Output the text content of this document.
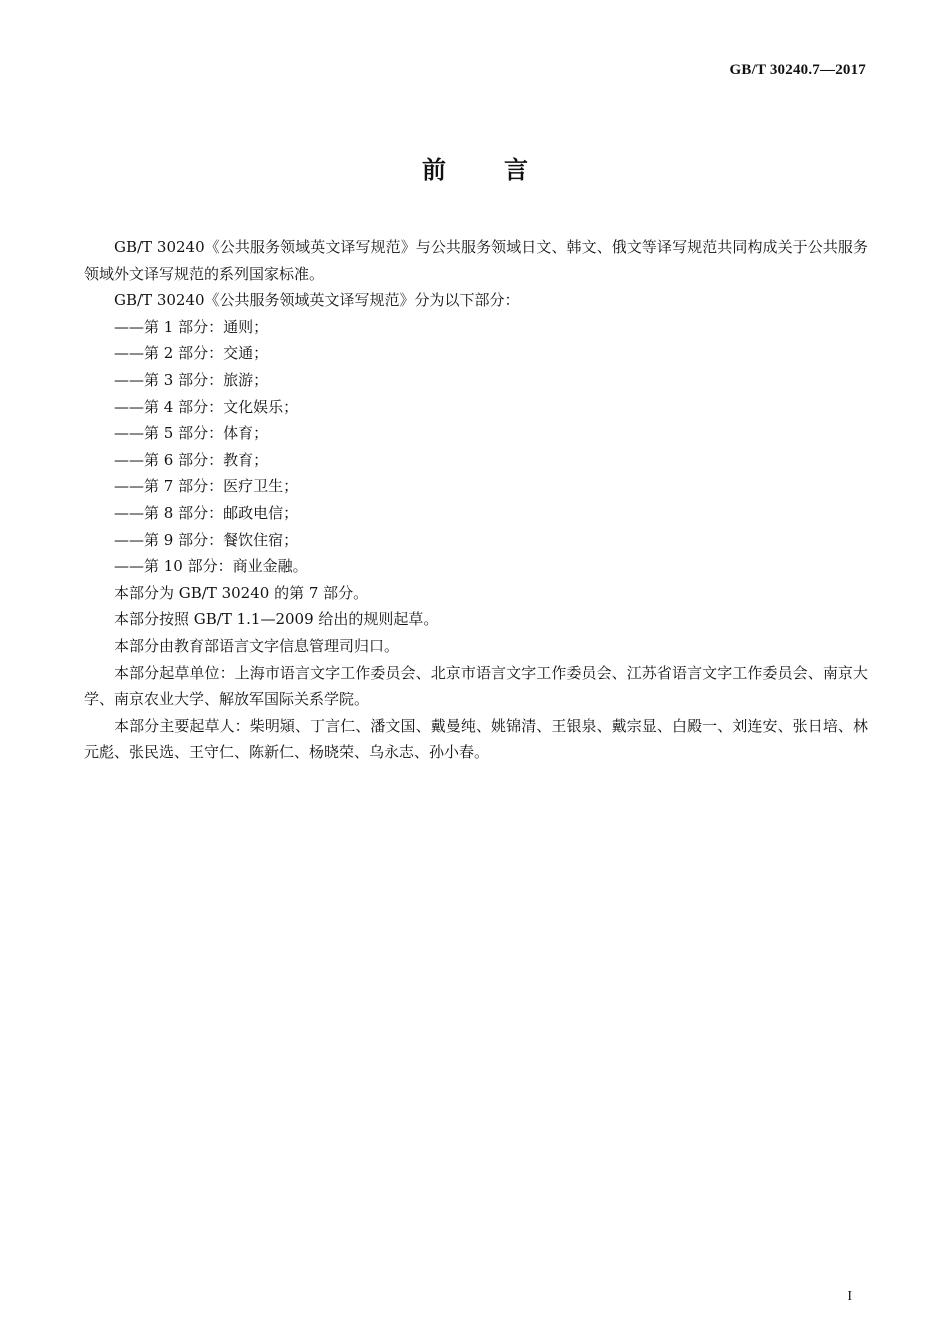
GB/T 30240.7—2017
前 言

GB/T 30240《公共服务领域英文译写规范》与公共服务领域日文、韩文、俄文等译写规范共同构成关于公共服务领域外文译写规范的系列国家标准。

GB/T 30240《公共服务领域英文译写规范》分为以下部分：

——第 1 部分：通则；

——第 2 部分：交通；

——第 3 部分：旅游；

——第 4 部分：文化娱乐；

——第 5 部分：体育；

——第 6 部分：教育；

——第 7 部分：医疗卫生；

——第 8 部分：邮政电信；

——第 9 部分：餐饮住宿；

——第 10 部分：商业金融。

本部分为 GB/T 30240 的第 7 部分。

本部分按照 GB/T 1.1—2009 给出的规则起草。

本部分由教育部语言文字信息管理司归口。

本部分起草单位：上海市语言文字工作委员会、北京市语言文字工作委员会、江苏省语言文字工作委员会、南京大学、南京农业大学、解放军国际关系学院。

本部分主要起草人：柴明熲、丁言仁、潘文国、戴曼纯、姚锦清、王银泉、戴宗显、白殿一、刘连安、张日培、林元彪、张民选、王守仁、陈新仁、杨晓荣、乌永志、孙小春。

I
